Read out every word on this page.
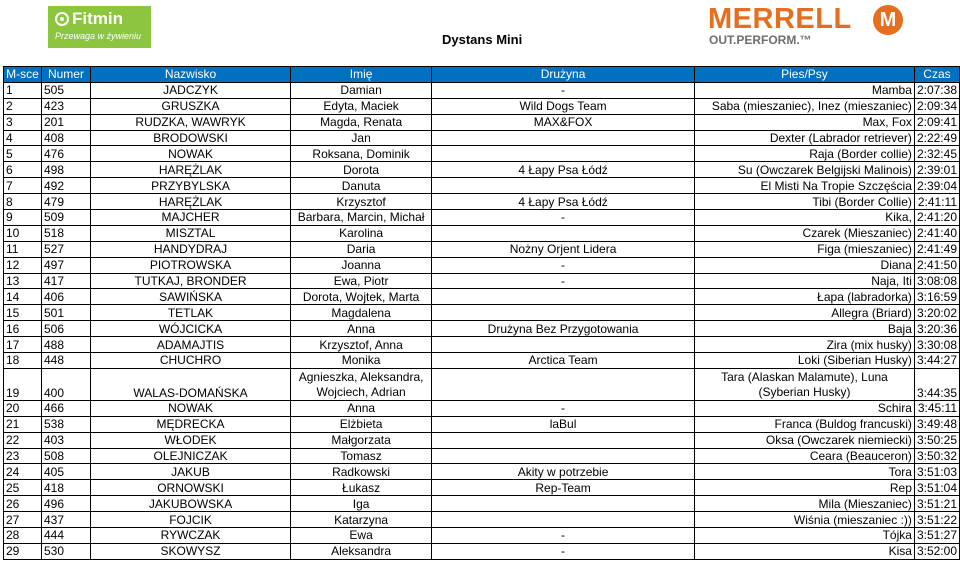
Fitmin
Przewaga w żywieniu	Dystans Mini
MERRELL	M
OUT.PERFORM.™
M-sce	Numer	Nazwisko	Imię	Drużyna	Pies/Psy	Czas
1	505	JADCZYK	Damian	-	Mamba	2:07:38
2	423	GRUSZKA	Edyta, Maciek	Wild Dogs Team	Saba (mieszaniec), Inez (mieszaniec)	2:09:34
3	201	RUDZKA, WAWRYK	Magda, Renata	MAX&FOX	Max, Fox	2:09:41
4	408	BRODOWSKI	Jan		Dexter (Labrador retriever)	2:22:49
5	476	NOWAK	Roksana, Dominik		Raja (Border collie)	2:32:45
6	498	HARĘŻLAK	Dorota	4 Łapy Psa Łódź	Su (Owczarek Belgijski Malinois)	2:39:01
7	492	PRZYBYLSKA	Danuta		El Misti Na Tropie Szczęścia	2:39:04
8	479	HARĘŻLAK	Krzysztof	4 Łapy Psa Łódź	Tibi (Border Collie)	2:41:11
9	509	MAJCHER	Barbara, Marcin, Michał	-	Kika,	2:41:20
10	518	MISZTAL	Karolina		Czarek (Mieszaniec)	2:41:40
11	527	HANDYDRAJ	Daria	Nożny Orjent Lidera	Figa (mieszaniec)	2:41:49
12	497	PIOTROWSKA	Joanna	-	Diana	2:41:50
13	417	TUTKAJ, BRONDER	Ewa, Piotr	-	Naja, Iti	3:08:08
14	406	SAWIŃSKA	Dorota, Wojtek, Marta		Łapa (labradorka)	3:16:59
15	501	TETLAK	Magdalena		Allegra (Briard)	3:20:02
16	506	WÓJCICKA	Anna	Drużyna Bez Przygotowania	Baja	3:20:36
17	488	ADAMAJTIS	Krzysztof, Anna		Zira (mix husky)	3:30:08
18	448	CHUCHRO	Monika	Arctica Team	Loki (Siberian Husky)	3:44:27
19	400	WALAS-DOMAŃSKA	Agnieszka, Aleksandra, Wojciech, Adrian		Tara (Alaskan Malamute), Luna (Syberian Husky)	3:44:35
20	466	NOWAK	Anna	-	Schira	3:45:11
21	538	MĘDRECKA	Elżbieta	laBul	Franca (Buldog francuski)	3:49:48
22	403	WŁODEK	Małgorzata		Oksa (Owczarek niemiecki)	3:50:25
23	508	OLEJNICZAK	Tomasz		Ceara (Beauceron)	3:50:32
24	405	JAKUB	Radkowski	Akity w potrzebie	Tora	3:51:03
25	418	ORNOWSKI	Łukasz	Rep-Team	Rep	3:51:04
26	496	JAKUBOWSKA	Iga		Mila (Mieszaniec)	3:51:21
27	437	FOJCIK	Katarzyna		Wiśnia (mieszaniec :))	3:51:22
28	444	RYWCZAK	Ewa	-	Tójka	3:51:27
29	530	SKOWYSZ	Aleksandra	-	Kisa	3:52:00
